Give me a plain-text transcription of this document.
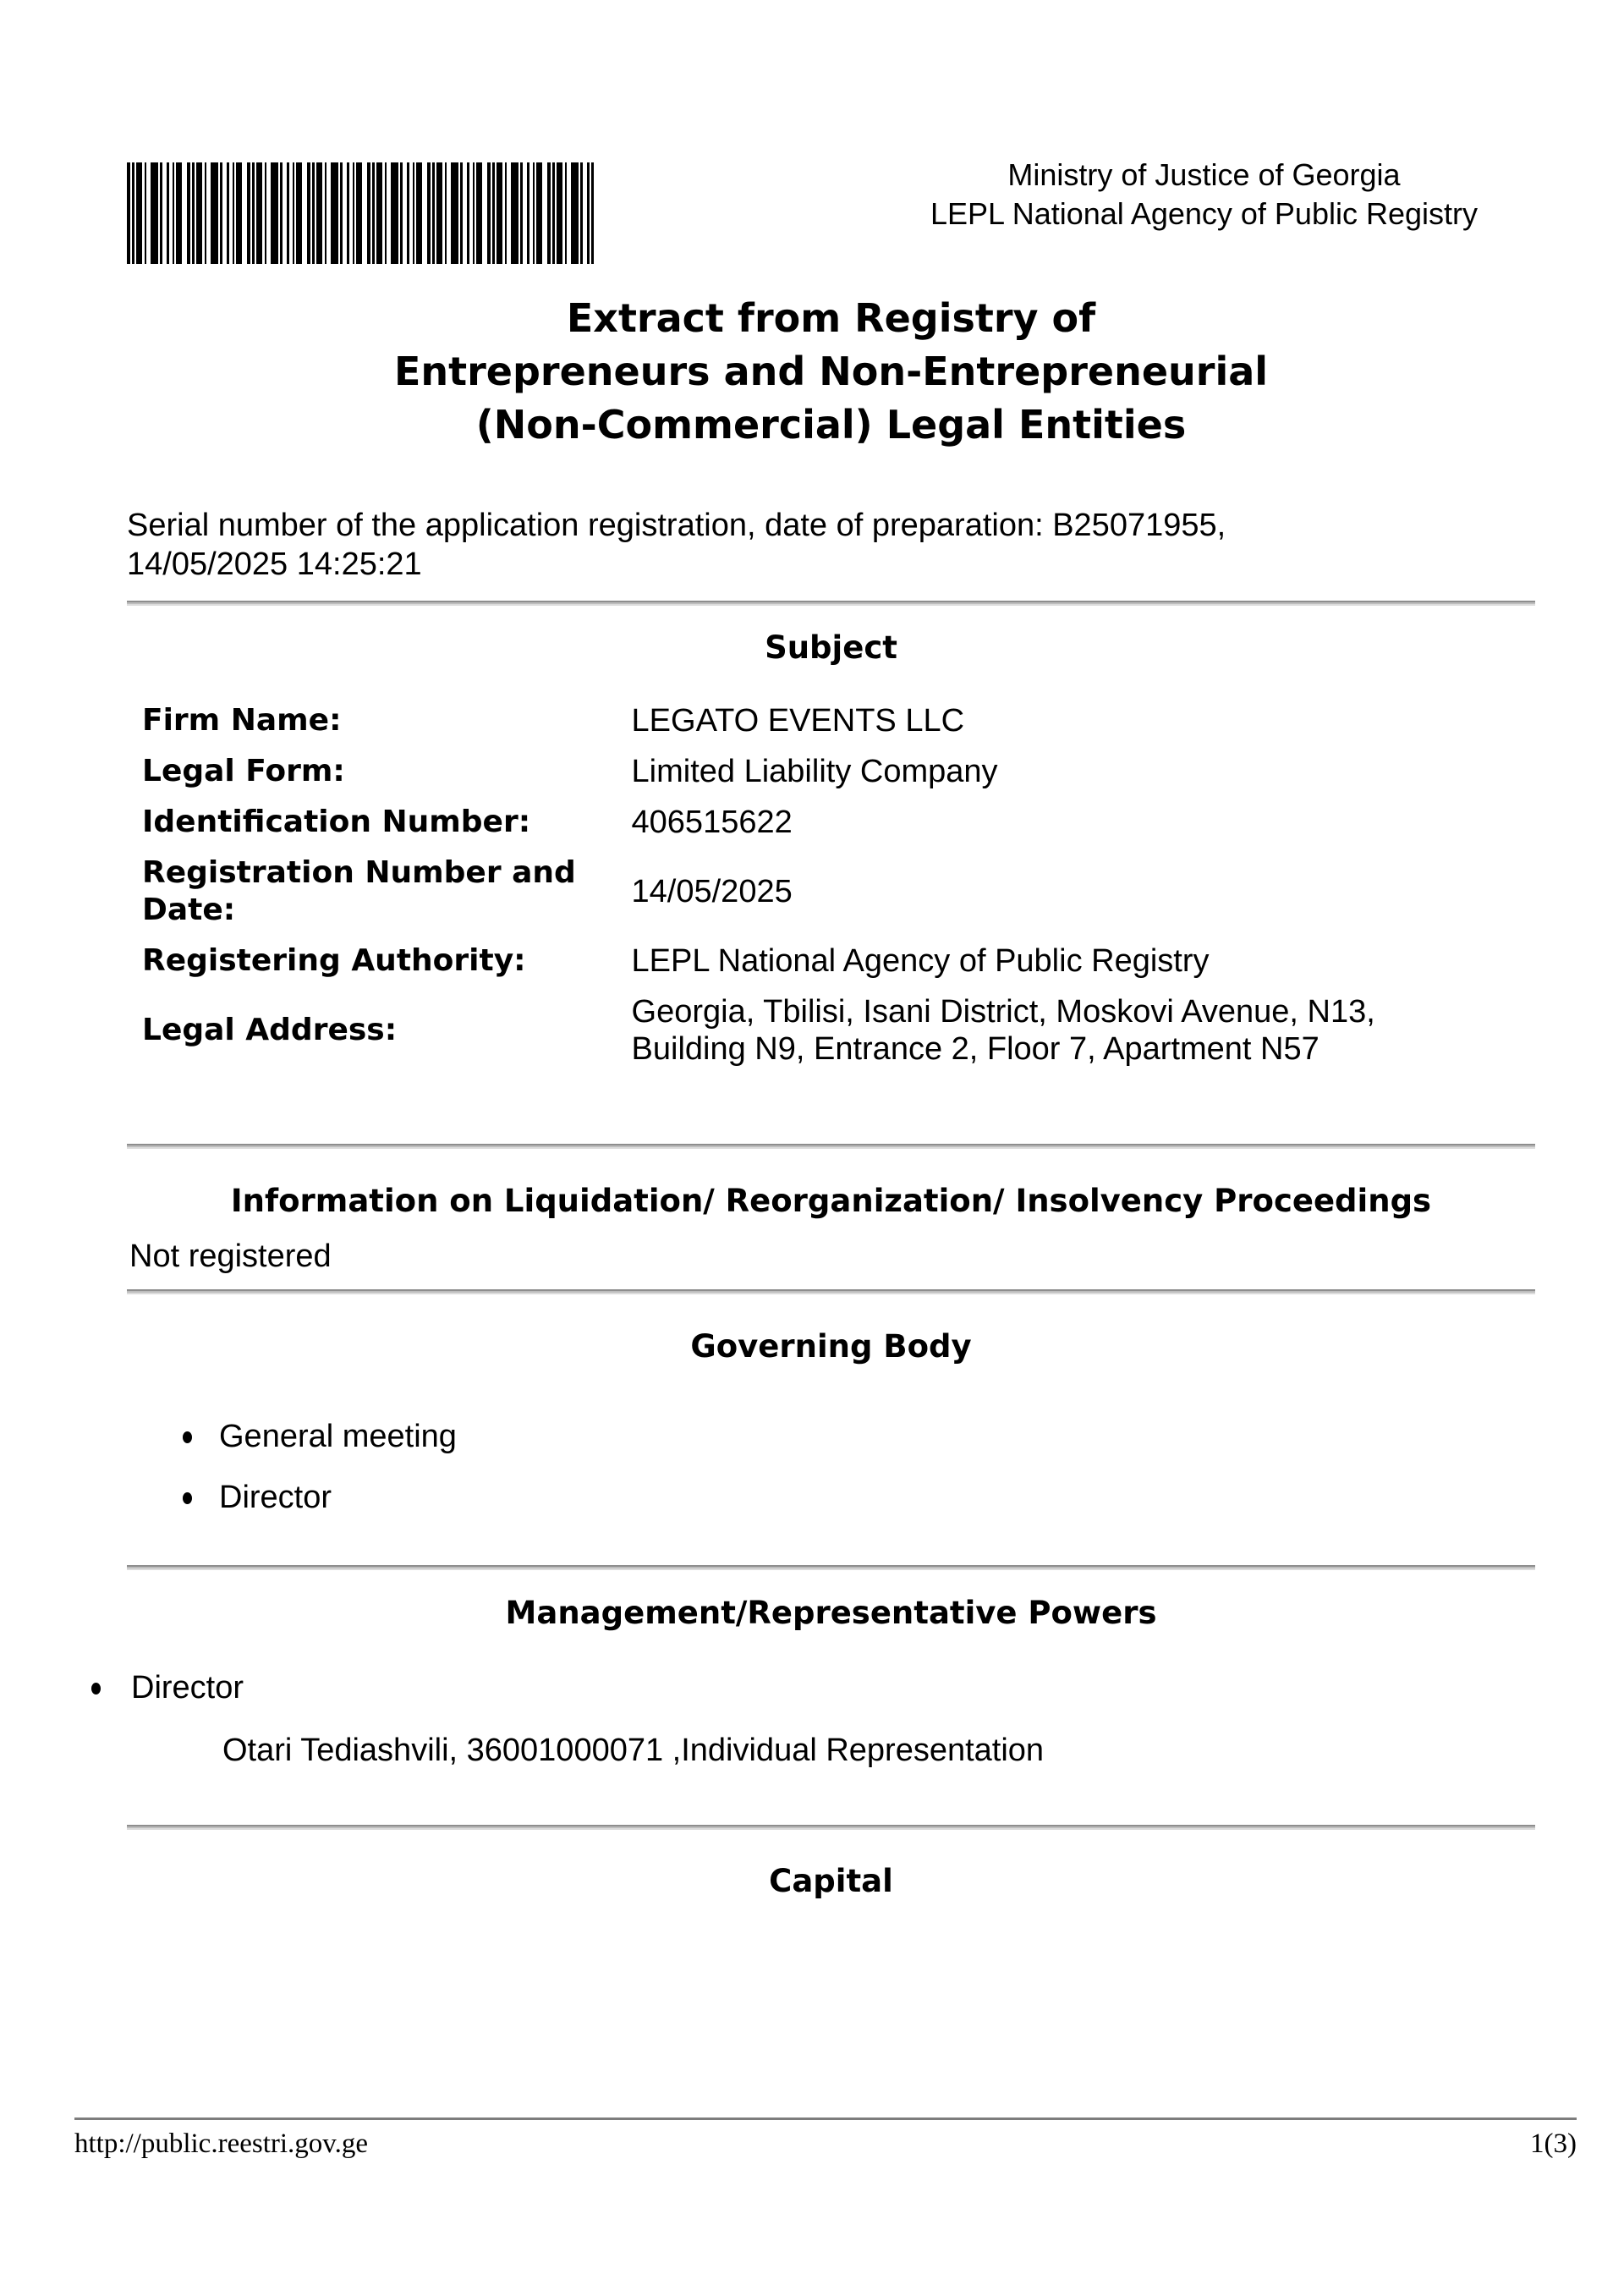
Ministry of Justice of Georgia
LEPL National Agency of Public Registry
Extract from Registry of
Entrepreneurs and Non-Entrepreneurial
(Non-Commercial) Legal Entities

Serial number of the application registration, date of preparation: B25071955,
14/05/2025 14:25:21

Subject
Firm Name:	LEGATO EVENTS LLC
Legal Form:	Limited Liability Company
Identification Number:	406515622
Registration Number and Date:	14/05/2025
Registering Authority:	LEPL National Agency of Public Registry
Legal Address:	Georgia, Tbilisi, Isani District, Moskovi Avenue, N13, Building N9, Entrance 2, Floor 7, Apartment N57
Information on Liquidation/ Reorganization/ Insolvency Proceedings

Not registered

Governing Body
General meeting
Director
Management/Representative Powers
Director

Otari Tediashvili, 36001000071 ,Individual Representation

Capital
http://public.reestri.gov.ge	1(3)
